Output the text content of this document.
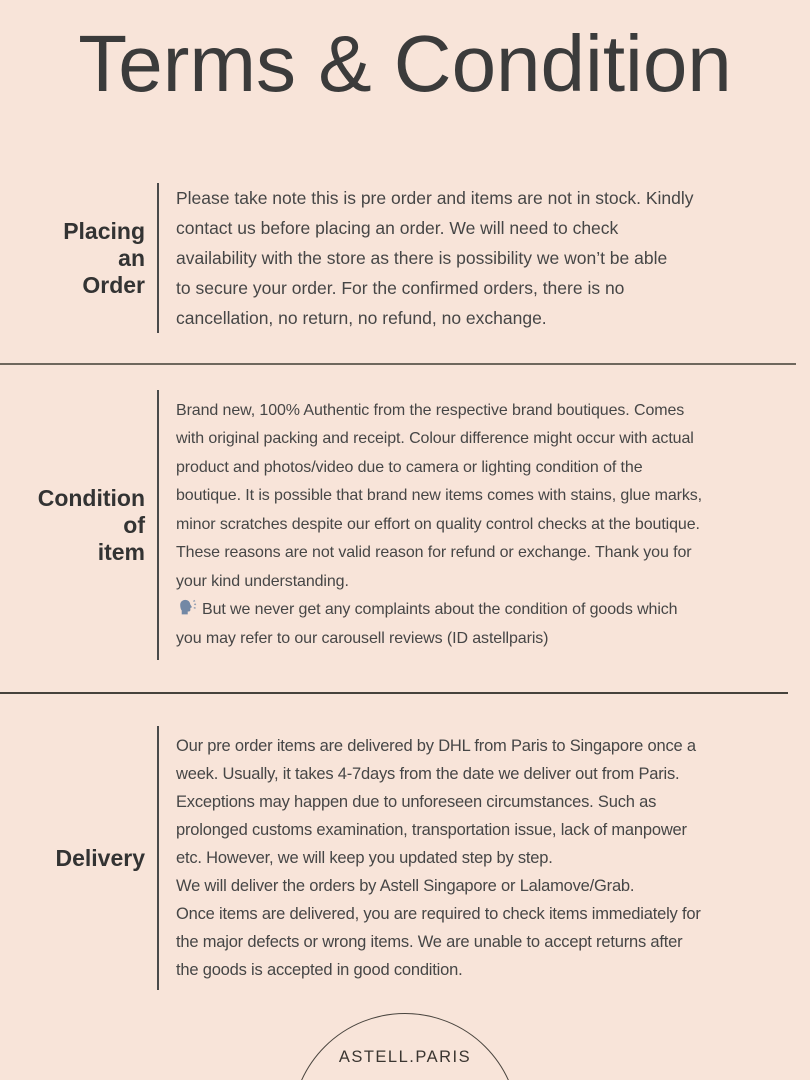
Terms & Condition
Placing
an
Order
Please take note this is pre order and items are not in stock. Kindly
contact us before placing an order. We will need to check
availability with the store as there is possibility we won’t be able
to secure your order. For the confirmed orders, there is no
cancellation, no return, no refund, no exchange.
Condition
of
item
Brand new, 100% Authentic from the respective brand boutiques. Comes
with original packing and receipt. Colour difference might occur with actual
product and photos/video due to camera or lighting condition of the
boutique. It is possible that brand new items comes with stains, glue marks,
minor scratches despite our effort on quality control checks at the boutique.
These reasons are not valid reason for refund or exchange. Thank you for
your kind understanding.
But we never get any complaints about the condition of goods which
you may refer to our carousell reviews (ID astellparis)
Delivery
Our pre order items are delivered by DHL from Paris to Singapore once a
week. Usually, it takes 4-7days from the date we deliver out from Paris.
Exceptions may happen due to unforeseen circumstances. Such as
prolonged customs examination, transportation issue, lack of manpower
etc. However, we will keep you updated step by step.
We will deliver the orders by Astell Singapore or Lalamove/Grab.
Once items are delivered, you are required to check items immediately for
the major defects or wrong items. We are unable to accept returns after
the goods is accepted in good condition.
ASTELL.PARIS
